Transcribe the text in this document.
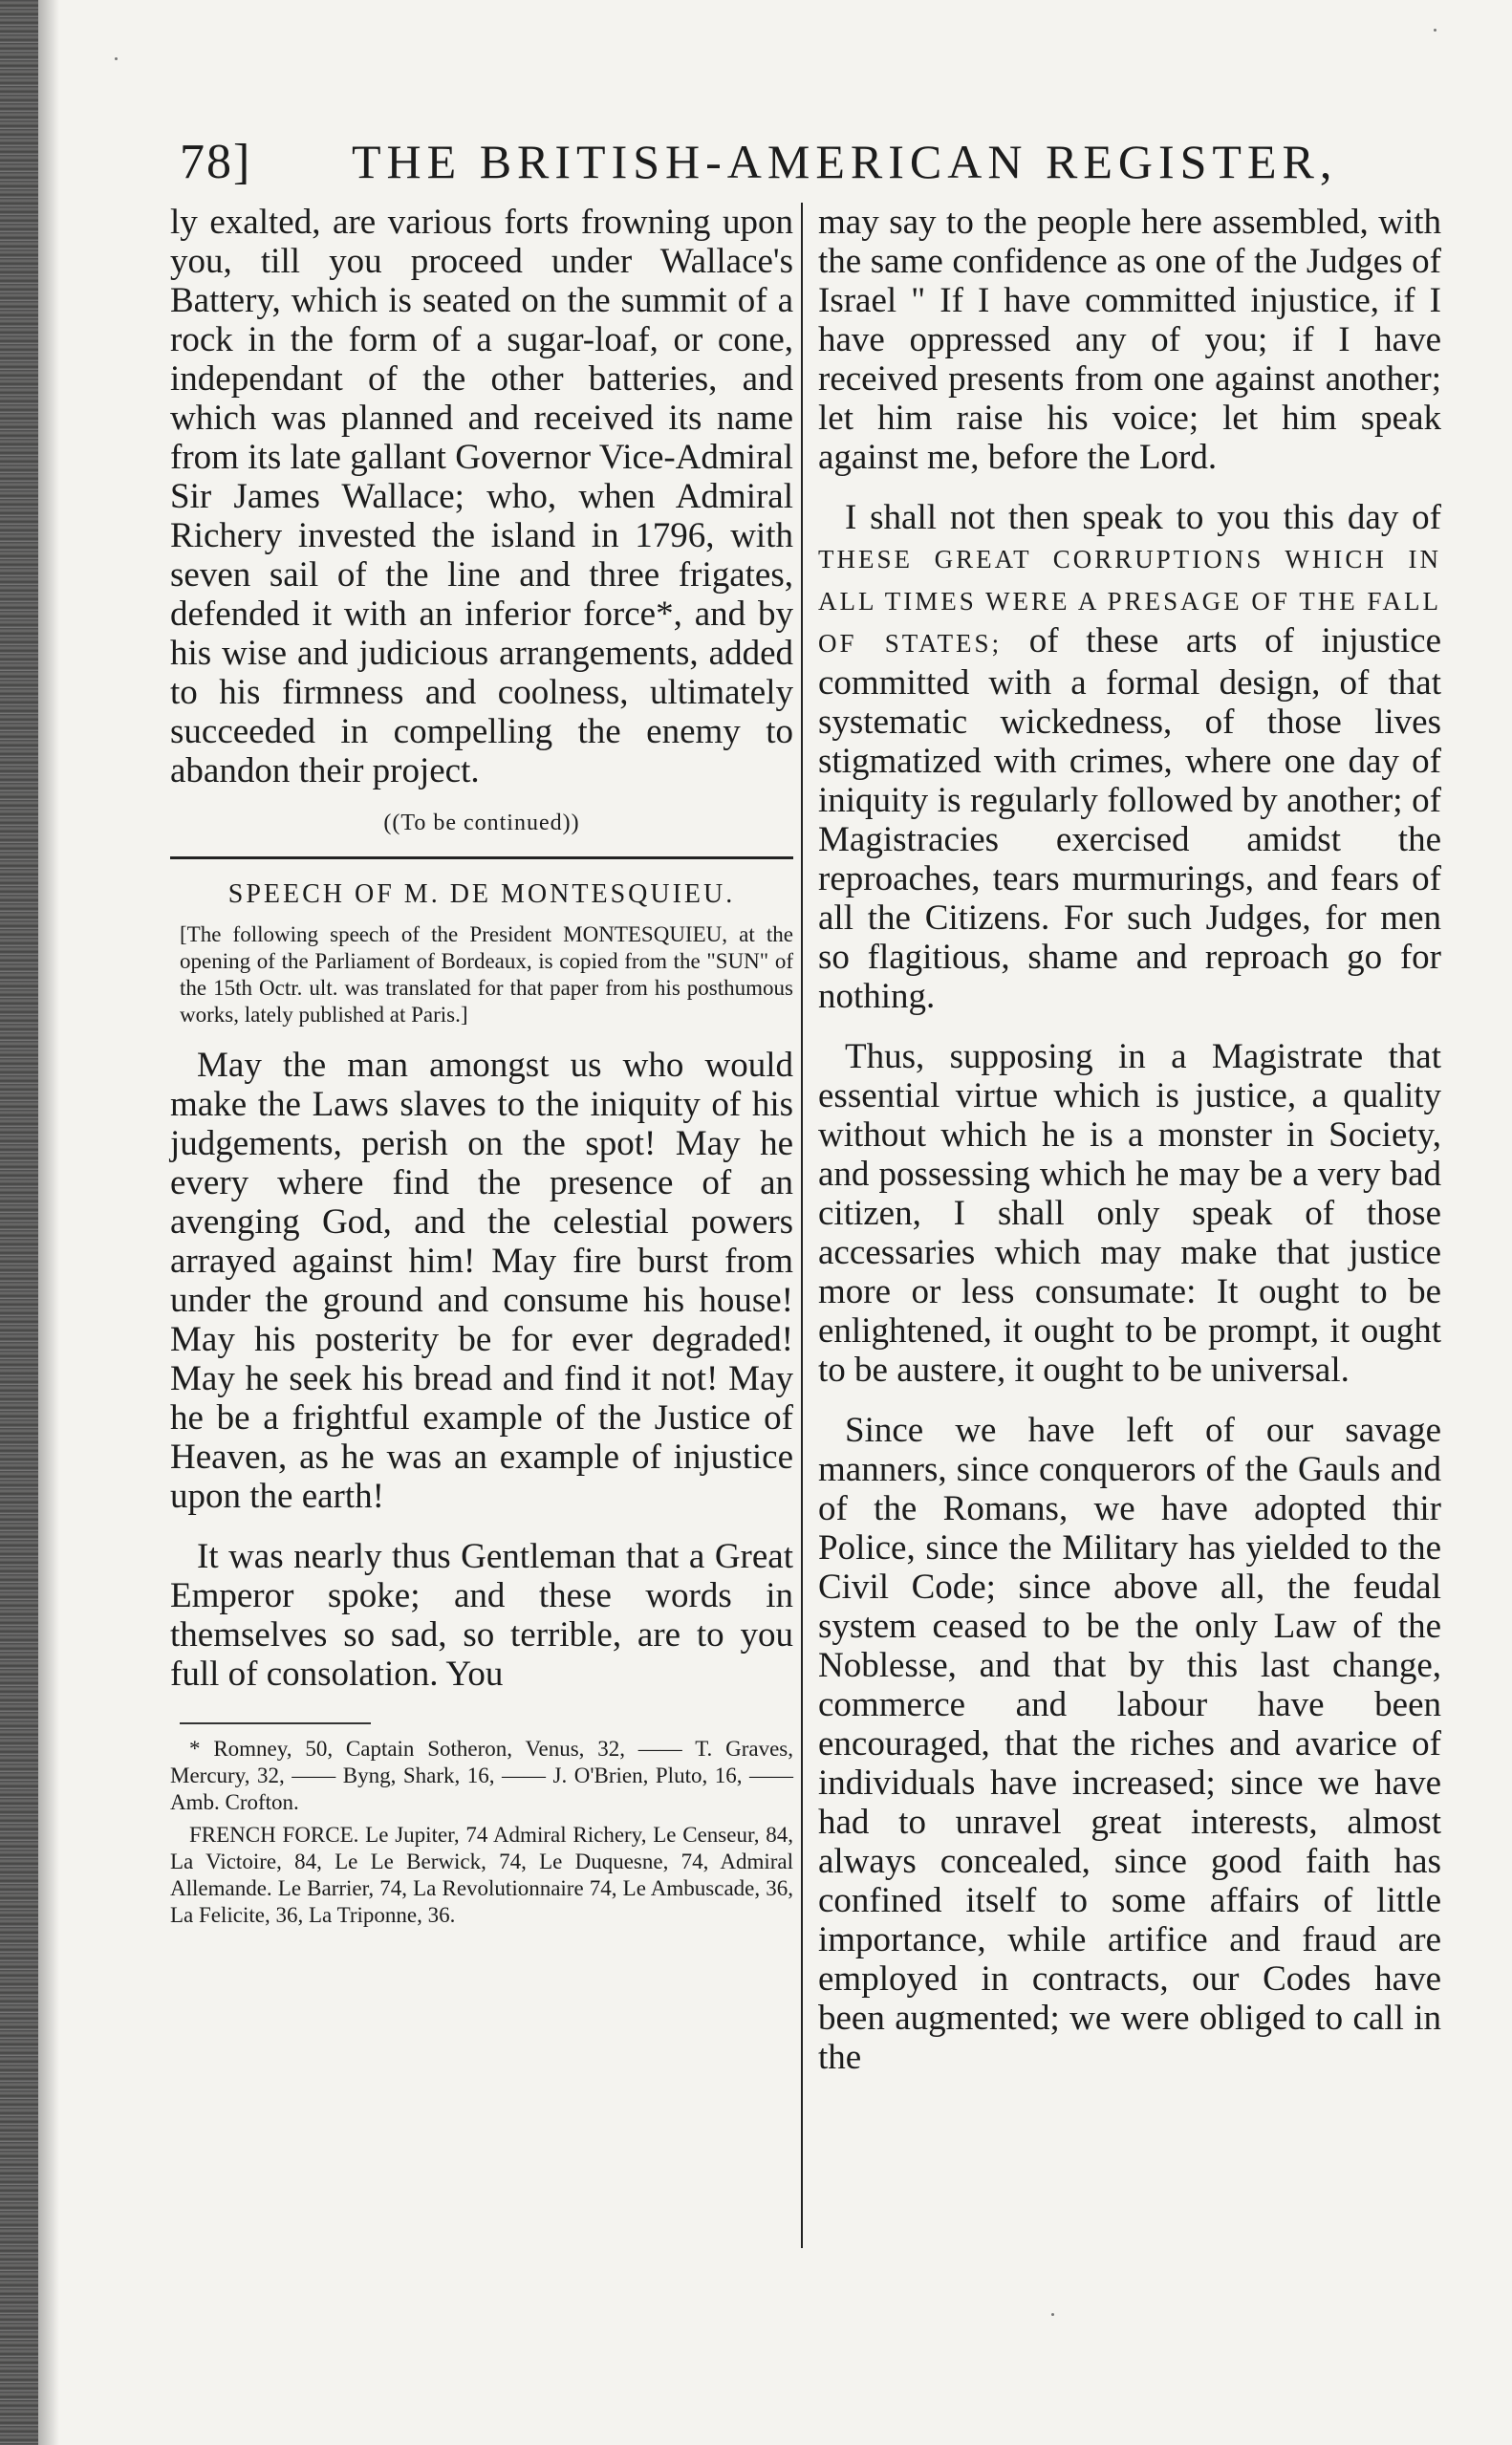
78] THE BRITISH-AMERICAN REGISTER,

ly exalted, are various forts frowning upon you, till you proceed under Wallace's Battery, which is seated on the summit of a rock in the form of a sugar-loaf, or cone, independant of the other batteries, and which was planned and received its name from its late gallant Governor Vice-Admiral Sir James Wallace; who, when Admiral Richery invested the island in 1796, with seven sail of the line and three frigates, defended it with an inferior force*, and by his wise and judicious arrangements, added to his firmness and coolness, ultimately succeeded in compelling the enemy to abandon their project.

((To be continued))
SPEECH OF M. DE MONTESQUIEU.
[The following speech of the President MONTESQUIEU, at the opening of the Parliament of Bordeaux, is copied from the "SUN" of the 15th Octr. ult. was translated for that paper from his posthumous works, lately published at Paris.]

May the man amongst us who would make the Laws slaves to the iniquity of his judgements, perish on the spot! May he every where find the presence of an avenging God, and the celestial powers arrayed against him! May fire burst from under the ground and consume his house! May his posterity be for ever degraded! May he seek his bread and find it not! May he be a frightful example of the Justice of Heaven, as he was an example of injustice upon the earth!

It was nearly thus Gentleman that a Great Emperor spoke; and these words in themselves so sad, so terrible, are to you full of consolation. You

* Romney, 50, Captain Sotheron, Venus, 32, —— T. Graves, Mercury, 32, —— Byng, Shark, 16, —— J. O'Brien, Pluto, 16, —— Amb. Crofton.

FRENCH FORCE. Le Jupiter, 74 Admiral Richery, Le Censeur, 84, La Victoire, 84, Le Le Berwick, 74, Le Duquesne, 74, Admiral Allemande. Le Barrier, 74, La Revolutionnaire 74, Le Ambuscade, 36, La Felicite, 36, La Triponne, 36.

may say to the people here assembled, with the same confidence as one of the Judges of Israel " If I have committed injustice, if I have oppressed any of you; if I have received presents from one against another; let him raise his voice; let him speak against me, before the Lord.

I shall not then speak to you this day of THESE GREAT CORRUPTIONS WHICH IN ALL TIMES WERE A PRESAGE OF THE FALL OF STATES; of these arts of injustice committed with a formal design, of that systematic wickedness, of those lives stigmatized with crimes, where one day of iniquity is regularly followed by another; of Magistracies exercised amidst the reproaches, tears murmurings, and fears of all the Citizens. For such Judges, for men so flagitious, shame and reproach go for nothing.

Thus, supposing in a Magistrate that essential virtue which is justice, a quality without which he is a monster in Society, and possessing which he may be a very bad citizen, I shall only speak of those accessaries which may make that justice more or less consumate: It ought to be enlightened, it ought to be prompt, it ought to be austere, it ought to be universal.

Since we have left of our savage manners, since conquerors of the Gauls and of the Romans, we have adopted thir Police, since the Military has yielded to the Civil Code; since above all, the feudal system ceased to be the only Law of the Noblesse, and that by this last change, commerce and labour have been encouraged, that the riches and avarice of individuals have increased; since we have had to unravel great interests, almost always concealed, since good faith has confined itself to some affairs of little importance, while artifice and fraud are employed in contracts, our Codes have been augmented; we were obliged to call in the
